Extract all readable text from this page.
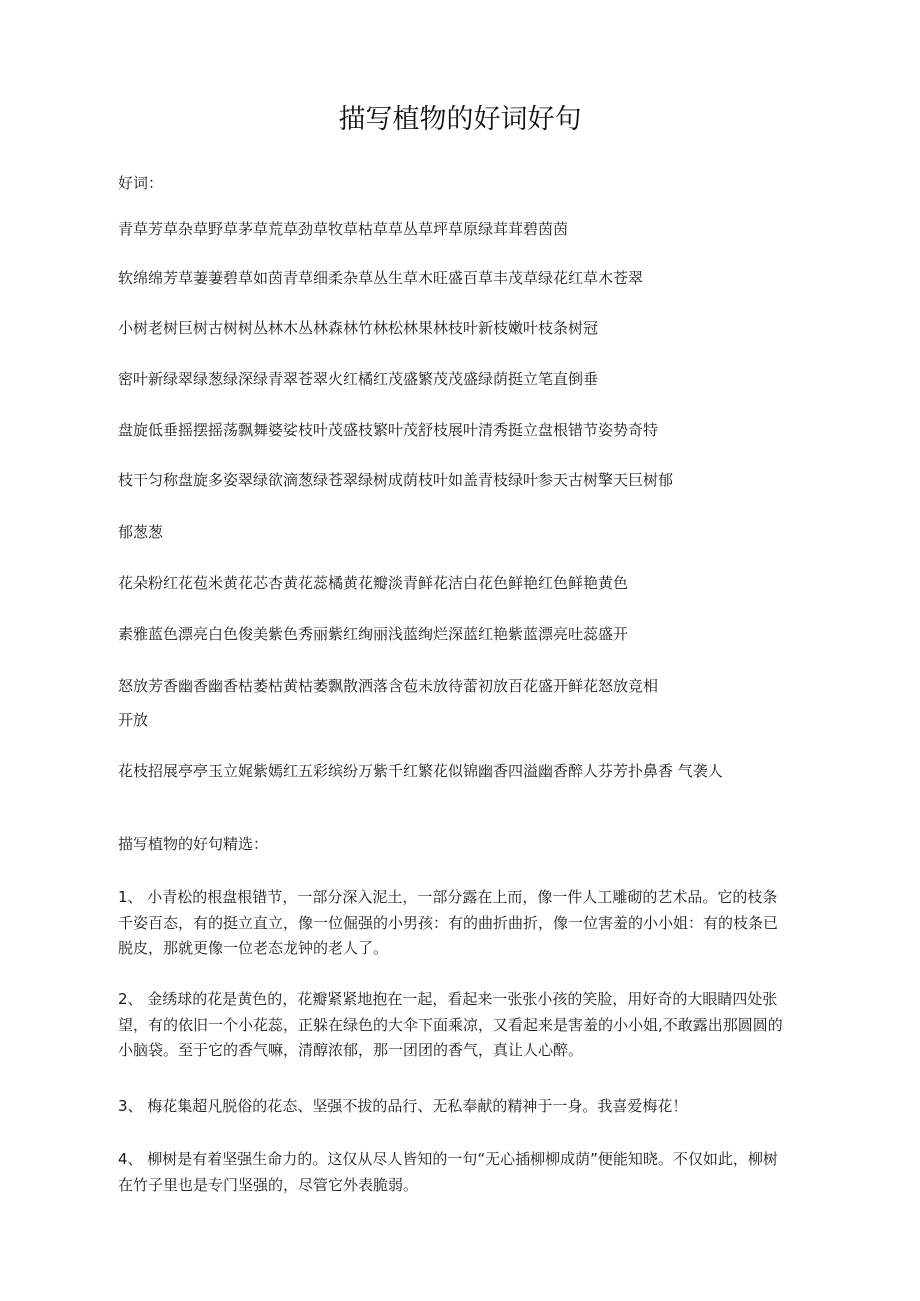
描写植物的好词好句
好词：
青草芳草杂草野草茅草荒草劲草牧草枯草草丛草坪草原绿茸茸碧茵茵
软绵绵芳草萋萋碧草如茵青草细柔杂草丛生草木旺盛百草丰茂草绿花红草木苍翠
小树老树巨树古树树丛林木丛林森林竹林松林果林枝叶新枝嫩叶枝条树冠
密叶新绿翠绿葱绿深绿青翠苍翠火红橘红茂盛繁茂茂盛绿荫挺立笔直倒垂
盘旋低垂摇摆摇荡飘舞婆娑枝叶茂盛枝繁叶茂舒枝展叶清秀挺立盘根错节姿势奇特
枝干匀称盘旋多姿翠绿欲滴葱绿苍翠绿树成荫枝叶如盖青枝绿叶参天古树擎天巨树郁
郁葱葱
花朵粉红花苞米黄花芯杏黄花蕊橘黄花瓣淡青鲜花洁白花色鲜艳红色鲜艳黄色
素雅蓝色漂亮白色俊美紫色秀丽紫红绚丽浅蓝绚烂深蓝红艳紫蓝漂亮吐蕊盛开
怒放芳香幽香幽香枯萎枯黄枯萎飘散洒落含苞未放待蕾初放百花盛开鲜花怒放竞相
开放
花枝招展亭亭玉立娓紫嫣红五彩缤纷万紫千红繁花似锦幽香四溢幽香醉人芬芳扑鼻香 气袭人
描写植物的好句精选：
1、 小青松的根盘根错节，一部分深入泥土，一部分露在上而，像一件人工雕砌的艺术品。它的枝条千姿百态，有的挺立直立，像一位倔强的小男孩：有的曲折曲折，像一位害羞的小小姐：有的枝条已脱皮，那就更像一位老态龙钟的老人了。
2、 金绣球的花是黄色的，花瓣紧紧地抱在一起，看起来一张张小孩的笑脸，用好奇的大眼睛四处张望，有的依旧一个小花蕊，正躲在绿色的大伞下面乘凉，又看起来是害羞的小小姐,不敢露出那圆圆的小脑袋。至于它的香气嘛，清醇浓郁，那一团团的香气，真让人心醉。
3、 梅花集超凡脱俗的花态、坚强不拔的品行、无私奉献的精神于一身。我喜爱梅花！
4、 柳树是有着坚强生命力的。这仅从尽人皆知的一句“无心插柳柳成荫”便能知晓。不仅如此，柳树在竹子里也是专门坚强的，尽管它外表脆弱。
